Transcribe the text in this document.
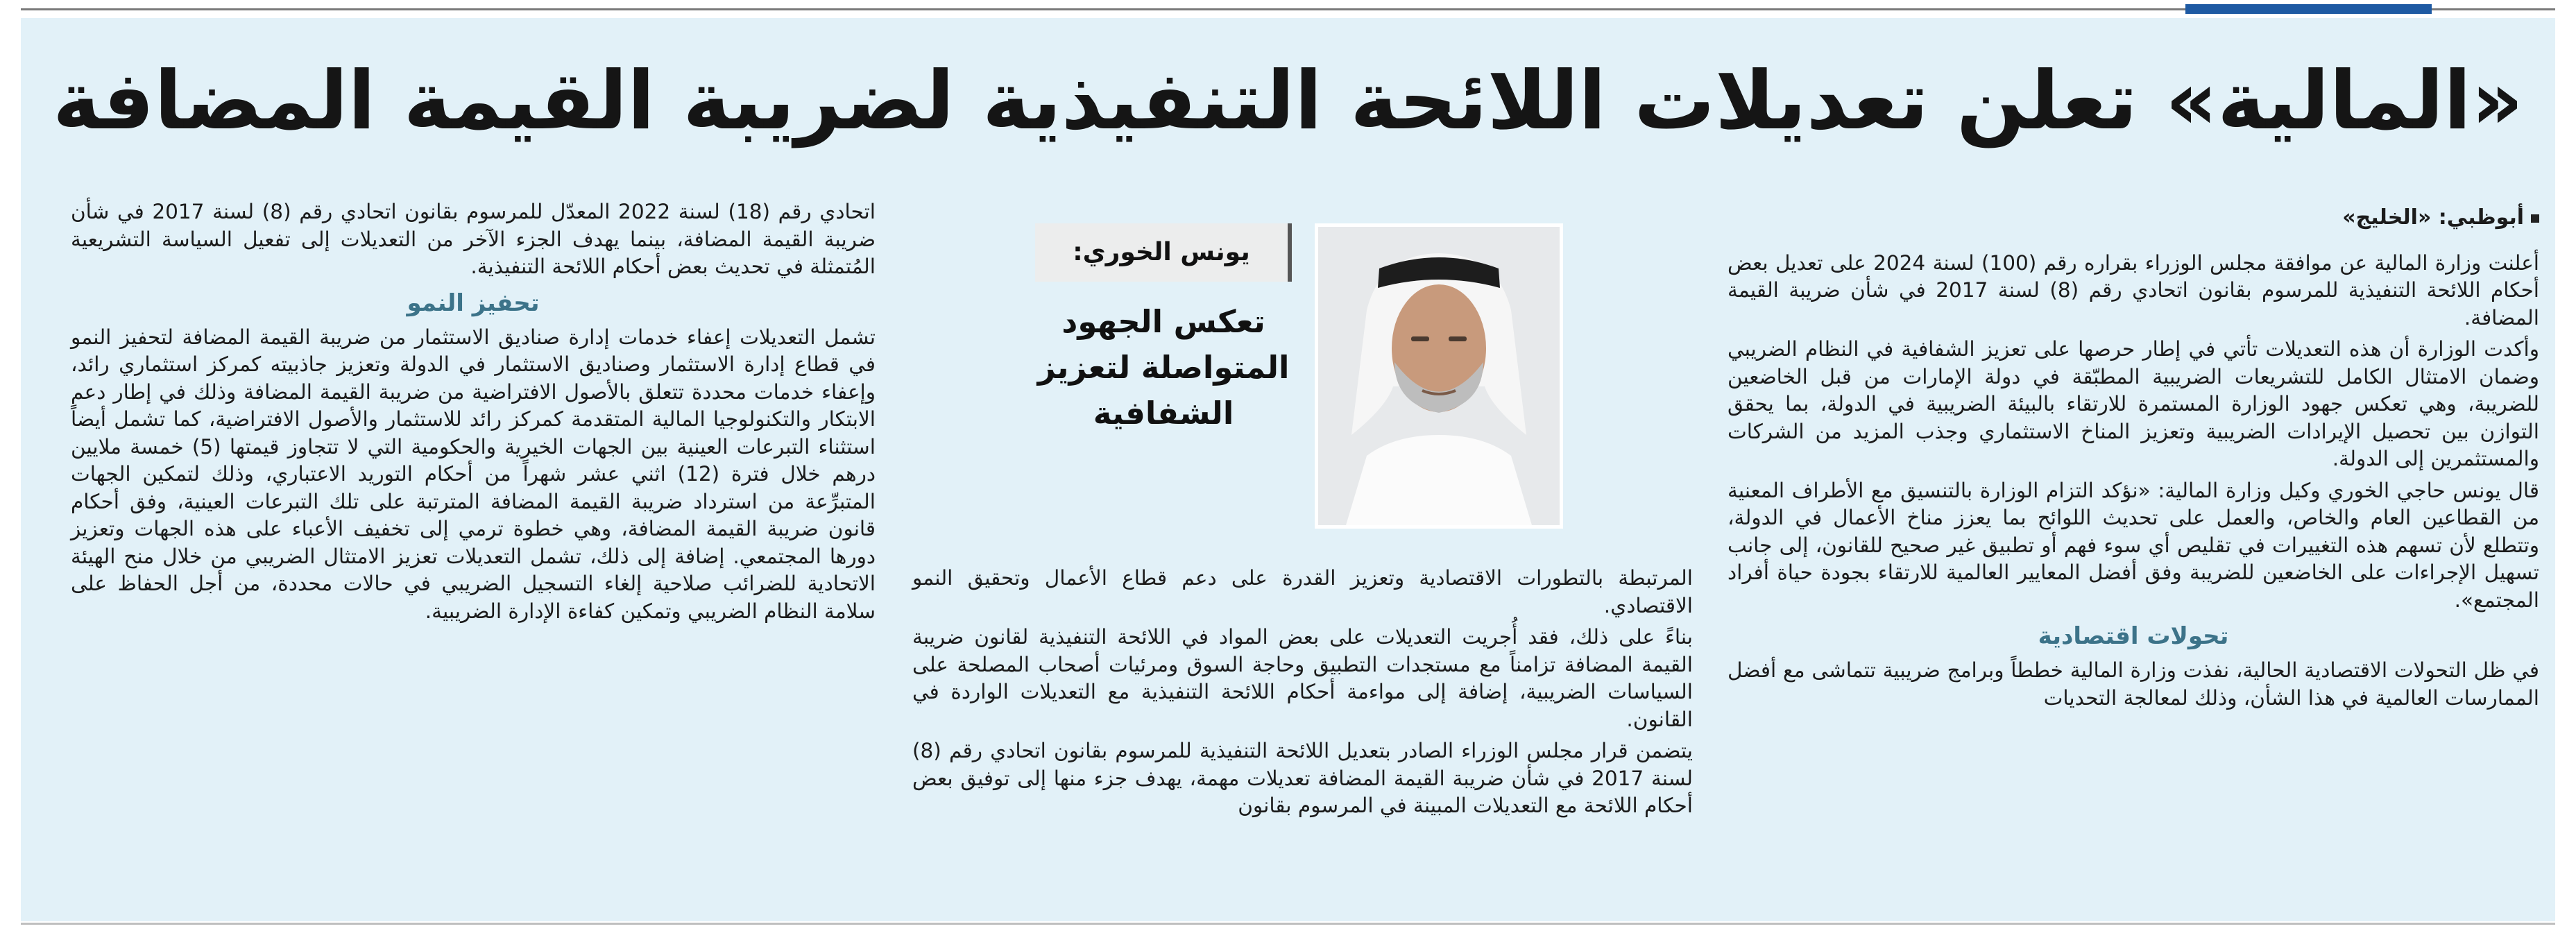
«المالية» تعلن تعديلات اللائحة التنفيذية لضريبة القيمة المضافة

أبوظبي: «الخليج»

أعلنت وزارة المالية عن موافقة مجلس الوزراء بقراره رقم (100) لسنة 2024 على تعديل بعض أحكام اللائحة التنفيذية للمرسوم بقانون اتحادي رقم (8) لسنة 2017 في شأن ضريبة القيمة المضافة.

وأكدت الوزارة أن هذه التعديلات تأتي في إطار حرصها على تعزيز الشفافية في النظام الضريبي وضمان الامتثال الكامل للتشريعات الضريبية المطبّقة في دولة الإمارات من قبل الخاضعين للضريبة، وهي تعكس جهود الوزارة المستمرة للارتقاء بالبيئة الضريبية في الدولة، بما يحقق التوازن بين تحصيل الإيرادات الضريبية وتعزيز المناخ الاستثماري وجذب المزيد من الشركات والمستثمرين إلى الدولة.

قال يونس حاجي الخوري وكيل وزارة المالية: «نؤكد التزام الوزارة بالتنسيق مع الأطراف المعنية من القطاعين العام والخاص، والعمل على تحديث اللوائح بما يعزز مناخ الأعمال في الدولة، وتتطلع لأن تسهم هذه التغييرات في تقليص أي سوء فهم أو تطبيق غير صحيح للقانون، إلى جانب تسهيل الإجراءات على الخاضعين للضريبة وفق أفضل المعايير العالمية للارتقاء بجودة حياة أفراد المجتمع».

تحولات اقتصادية

في ظل التحولات الاقتصادية الحالية، نفذت وزارة المالية خططاً وبرامج ضريبية تتماشى مع أفضل الممارسات العالمية في هذا الشأن، وذلك لمعالجة التحديات

يونس الخوري:
تعكس الجهود المتواصلة لتعزيز الشفافية

المرتبطة بالتطورات الاقتصادية وتعزيز القدرة على دعم قطاع الأعمال وتحقيق النمو الاقتصادي.

بناءً على ذلك، فقد أُجريت التعديلات على بعض المواد في اللائحة التنفيذية لقانون ضريبة القيمة المضافة تزامناً مع مستجدات التطبيق وحاجة السوق ومرئيات أصحاب المصلحة على السياسات الضريبية، إضافة إلى مواءمة أحكام اللائحة التنفيذية مع التعديلات الواردة في القانون.

يتضمن قرار مجلس الوزراء الصادر بتعديل اللائحة التنفيذية للمرسوم بقانون اتحادي رقم (8) لسنة 2017 في شأن ضريبة القيمة المضافة تعديلات مهمة، يهدف جزء منها إلى توفيق بعض أحكام اللائحة مع التعديلات المبينة في المرسوم بقانون

اتحادي رقم (18) لسنة 2022 المعدّل للمرسوم بقانون اتحادي رقم (8) لسنة 2017 في شأن ضريبة القيمة المضافة، بينما يهدف الجزء الآخر من التعديلات إلى تفعيل السياسة التشريعية المُتمثلة في تحديث بعض أحكام اللائحة التنفيذية.

تحفيز النمو

تشمل التعديلات إعفاء خدمات إدارة صناديق الاستثمار من ضريبة القيمة المضافة لتحفيز النمو في قطاع إدارة الاستثمار وصناديق الاستثمار في الدولة وتعزيز جاذبيته كمركز استثماري رائد، وإعفاء خدمات محددة تتعلق بالأصول الافتراضية من ضريبة القيمة المضافة وذلك في إطار دعم الابتكار والتكنولوجيا المالية المتقدمة كمركز رائد للاستثمار والأصول الافتراضية، كما تشمل أيضاً استثناء التبرعات العينية بين الجهات الخيرية والحكومية التي لا تتجاوز قيمتها (5) خمسة ملايين درهم خلال فترة (12) اثني عشر شهراً من أحكام التوريد الاعتباري، وذلك لتمكين الجهات المتبرِّعة من استرداد ضريبة القيمة المضافة المترتبة على تلك التبرعات العينية، وفق أحكام قانون ضريبة القيمة المضافة، وهي خطوة ترمي إلى تخفيف الأعباء على هذه الجهات وتعزيز دورها المجتمعي. إضافة إلى ذلك، تشمل التعديلات تعزيز الامتثال الضريبي من خلال منح الهيئة الاتحادية للضرائب صلاحية إلغاء التسجيل الضريبي في حالات محددة، من أجل الحفاظ على سلامة النظام الضريبي وتمكين كفاءة الإدارة الضريبية.
